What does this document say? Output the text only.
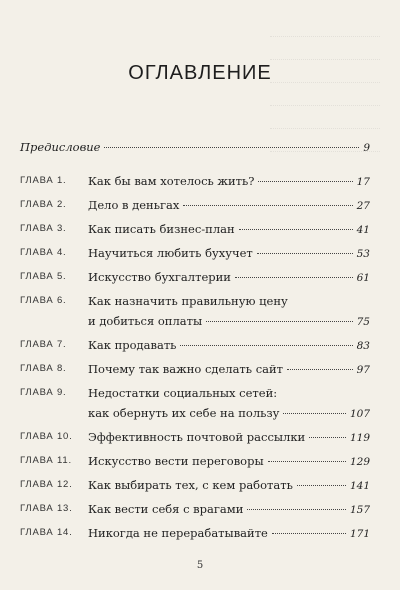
ОГЛАВЛЕНИЕ
Предисловие	9
ГЛАВА 1.	Как бы вам хотелось жить?	17
ГЛАВА 2.	Дело в деньгах	27
ГЛАВА 3.	Как писать бизнес-план	41
ГЛАВА 4.	Научиться любить бухучет	53
ГЛАВА 5.	Искусство бухгалтерии	61
ГЛАВА 6.	Как назначить правильную цену
и добиться оплаты	75
ГЛАВА 7.	Как продавать	83
ГЛАВА 8.	Почему так важно сделать сайт	97
ГЛАВА 9.	Недостатки социальных сетей:
как обернуть их себе на пользу	107
ГЛАВА 10.	Эффективность почтовой рассылки	119
ГЛАВА 11.	Искусство вести переговоры	129
ГЛАВА 12.	Как выбирать тех, с кем работать	141
ГЛАВА 13.	Как вести себя с врагами	157
ГЛАВА 14.	Никогда не перерабатывайте	171
5
